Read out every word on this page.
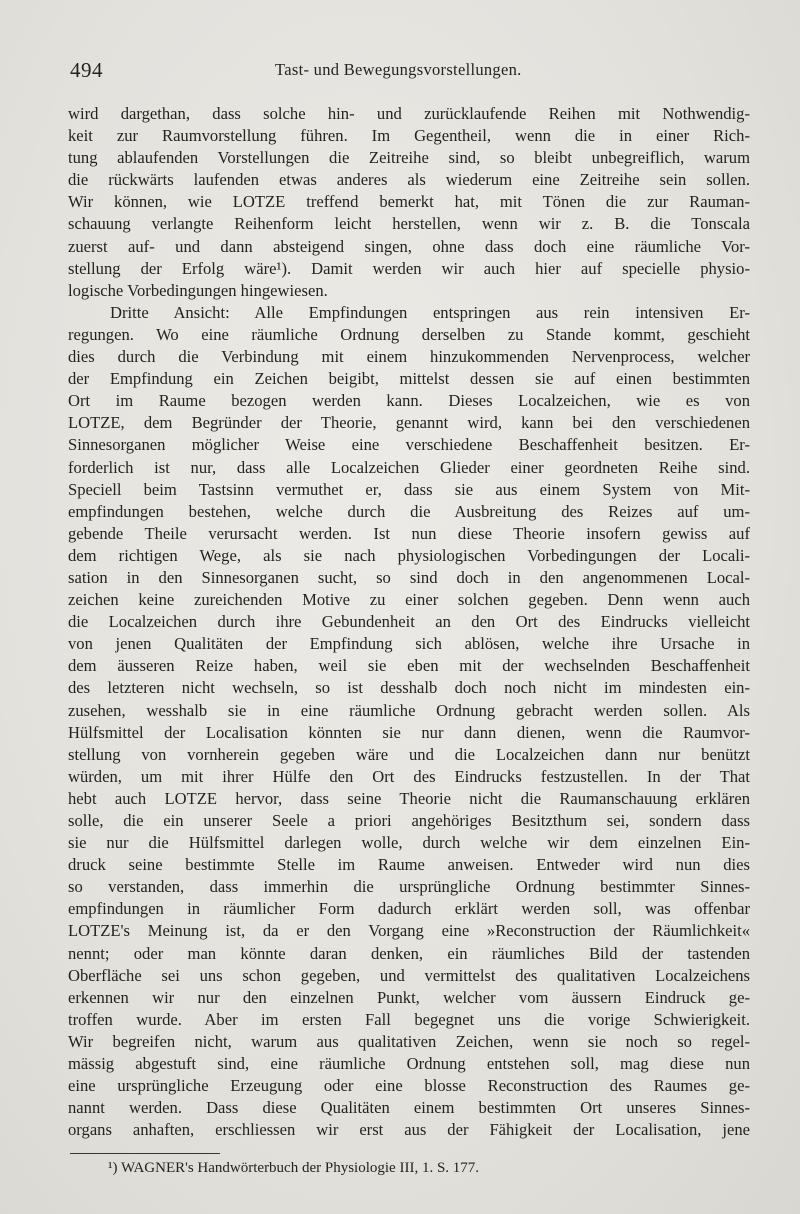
494	Tast- und Bewegungsvorstellungen.
wird dargethan, dass solche hin- und zurücklaufende Reihen mit Nothwendig-
keit zur Raumvorstellung führen. Im Gegentheil, wenn die in einer Rich-
tung ablaufenden Vorstellungen die Zeitreihe sind, so bleibt unbegreiflich, warum
die rückwärts laufenden etwas anderes als wiederum eine Zeitreihe sein sollen.
Wir können, wie LOTZE treffend bemerkt hat, mit Tönen die zur Rauman-
schauung verlangte Reihenform leicht herstellen, wenn wir z. B. die Tonscala
zuerst auf- und dann absteigend singen, ohne dass doch eine räumliche Vor-
stellung der Erfolg wäre¹). Damit werden wir auch hier auf specielle physio-
logische Vorbedingungen hingewiesen.
Dritte Ansicht: Alle Empfindungen entspringen aus rein intensiven Er-
regungen. Wo eine räumliche Ordnung derselben zu Stande kommt, geschieht
dies durch die Verbindung mit einem hinzukommenden Nervenprocess, welcher
der Empfindung ein Zeichen beigibt, mittelst dessen sie auf einen bestimmten
Ort im Raume bezogen werden kann. Dieses Localzeichen, wie es von
LOTZE, dem Begründer der Theorie, genannt wird, kann bei den verschiedenen
Sinnesorganen möglicher Weise eine verschiedene Beschaffenheit besitzen. Er-
forderlich ist nur, dass alle Localzeichen Glieder einer geordneten Reihe sind.
Speciell beim Tastsinn vermuthet er, dass sie aus einem System von Mit-
empfindungen bestehen, welche durch die Ausbreitung des Reizes auf um-
gebende Theile verursacht werden. Ist nun diese Theorie insofern gewiss auf
dem richtigen Wege, als sie nach physiologischen Vorbedingungen der Locali-
sation in den Sinnesorganen sucht, so sind doch in den angenommenen Local-
zeichen keine zureichenden Motive zu einer solchen gegeben. Denn wenn auch
die Localzeichen durch ihre Gebundenheit an den Ort des Eindrucks vielleicht
von jenen Qualitäten der Empfindung sich ablösen, welche ihre Ursache in
dem äusseren Reize haben, weil sie eben mit der wechselnden Beschaffenheit
des letzteren nicht wechseln, so ist desshalb doch noch nicht im mindesten ein-
zusehen, wesshalb sie in eine räumliche Ordnung gebracht werden sollen. Als
Hülfsmittel der Localisation könnten sie nur dann dienen, wenn die Raumvor-
stellung von vornherein gegeben wäre und die Localzeichen dann nur benützt
würden, um mit ihrer Hülfe den Ort des Eindrucks festzustellen. In der That
hebt auch LOTZE hervor, dass seine Theorie nicht die Raumanschauung erklären
solle, die ein unserer Seele a priori angehöriges Besitzthum sei, sondern dass
sie nur die Hülfsmittel darlegen wolle, durch welche wir dem einzelnen Ein-
druck seine bestimmte Stelle im Raume anweisen. Entweder wird nun dies
so verstanden, dass immerhin die ursprüngliche Ordnung bestimmter Sinnes-
empfindungen in räumlicher Form dadurch erklärt werden soll, was offenbar
LOTZE's Meinung ist, da er den Vorgang eine »Reconstruction der Räumlichkeit«
nennt; oder man könnte daran denken, ein räumliches Bild der tastenden
Oberfläche sei uns schon gegeben, und vermittelst des qualitativen Localzeichens
erkennen wir nur den einzelnen Punkt, welcher vom äussern Eindruck ge-
troffen wurde. Aber im ersten Fall begegnet uns die vorige Schwierigkeit.
Wir begreifen nicht, warum aus qualitativen Zeichen, wenn sie noch so regel-
mässig abgestuft sind, eine räumliche Ordnung entstehen soll, mag diese nun
eine ursprüngliche Erzeugung oder eine blosse Reconstruction des Raumes ge-
nannt werden. Dass diese Qualitäten einem bestimmten Ort unseres Sinnes-
organs anhaften, erschliessen wir erst aus der Fähigkeit der Localisation, jene
¹) WAGNER's Handwörterbuch der Physiologie III, 1. S. 177.
